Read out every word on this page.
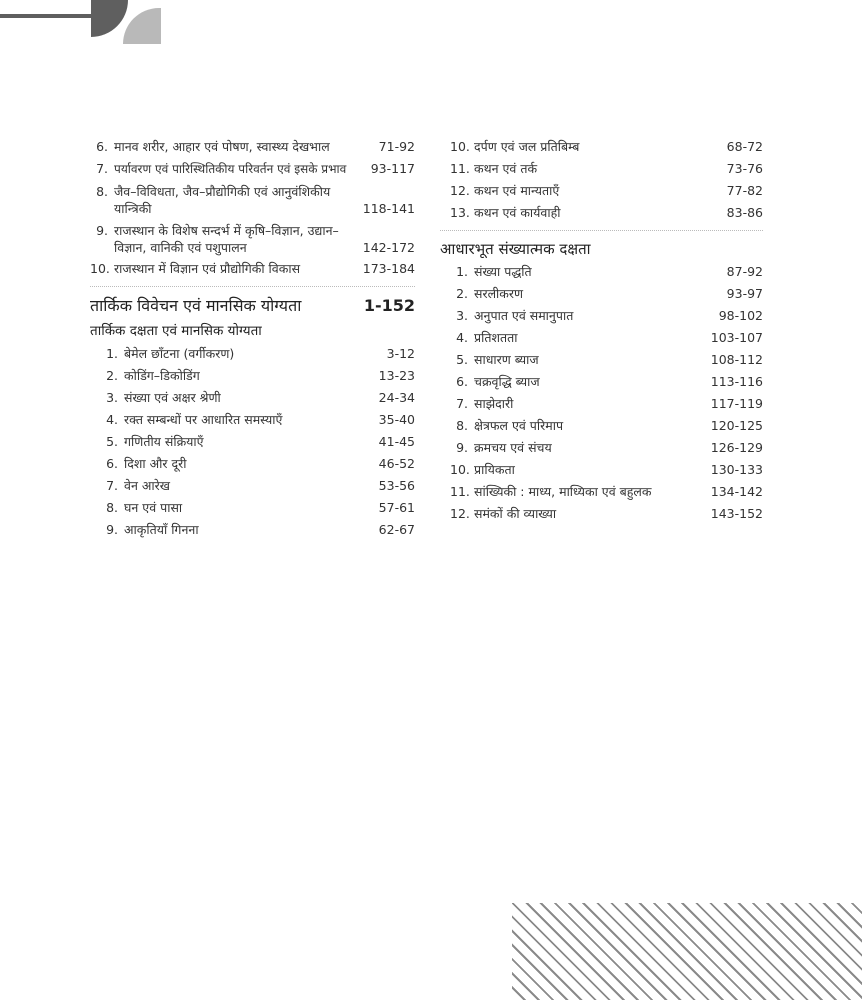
6. मानव शरीर, आहार एवं पोषण, स्वास्थ्य देखभाल	71-92
7. पर्यावरण एवं पारिस्थितिकीय परिवर्तन एवं इसके प्रभाव 93-117
8. जैव–विविधता, जैव–प्रौद्योगिकी एवं आनुवंशिकीय यान्त्रिकी	118-141
9. राजस्थान के विशेष सन्दर्भ में कृषि–विज्ञान, उद्यान–विज्ञान, वानिकी एवं पशुपालन	142-172
10. राजस्थान में विज्ञान एवं प्रौद्योगिकी विकास	173-184
तार्किक विवेचन एवं मानसिक योग्यता	1-152
तार्किक दक्षता एवं मानसिक योग्यता
1. बेमेल छाँटना (वर्गीकरण)	3-12
2. कोडिंग–डिकोडिंग	13-23
3. संख्या एवं अक्षर श्रेणी	24-34
4. रक्त सम्बन्धों पर आधारित समस्याएँ	35-40
5. गणितीय संक्रियाएँ	41-45
6. दिशा और दूरी	46-52
7. वेन आरेख	53-56
8. घन एवं पासा	57-61
9. आकृतियाँ गिनना	62-67
10. दर्पण एवं जल प्रतिबिम्ब	68-72
11. कथन एवं तर्क	73-76
12. कथन एवं मान्यताएँ	77-82
13. कथन एवं कार्यवाही	83-86
आधारभूत संख्यात्मक दक्षता
1. संख्या पद्धति	87-92
2. सरलीकरण	93-97
3. अनुपात एवं समानुपात	98-102
4. प्रतिशतता	103-107
5. साधारण ब्याज	108-112
6. चक्रवृद्धि ब्याज	113-116
7. साझेदारी	117-119
8. क्षेत्रफल एवं परिमाप	120-125
9. क्रमचय एवं संचय	126-129
10. प्रायिकता	130-133
11. सांख्यिकी : माध्य, माध्यिका एवं बहुलक	134-142
12. समंकों की व्याख्या	143-152
